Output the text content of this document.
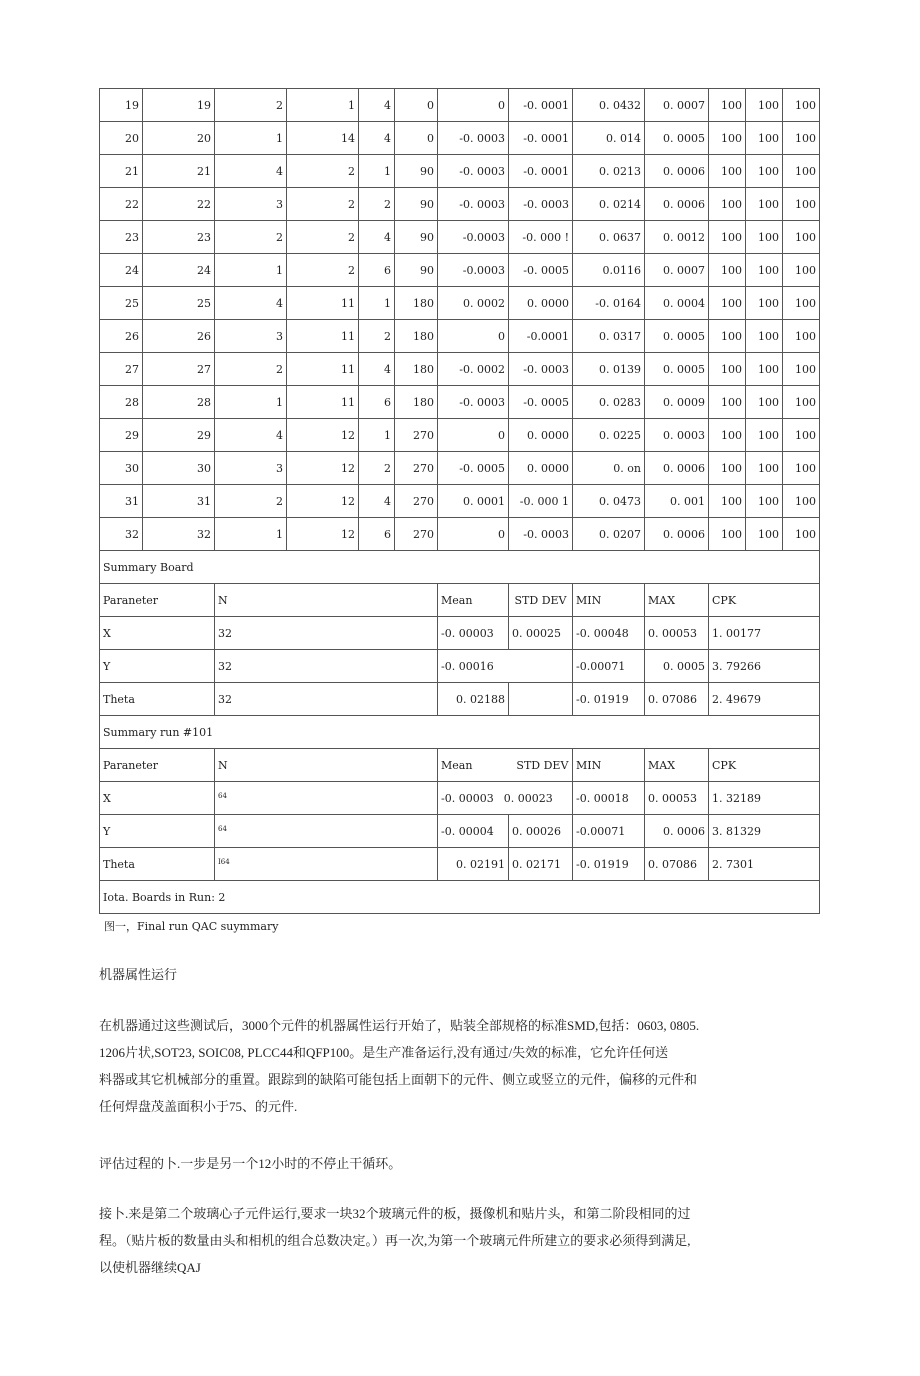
19	19	2	1	4	0	0	-0. 0001	0. 0432	0. 0007	100	100	100
20	20	1	14	4	0	-0. 0003	-0. 0001	0. 014	0. 0005	100	100	100
21	21	4	2	1	90	-0. 0003	-0. 0001	0. 0213	0. 0006	100	100	100
22	22	3	2	2	90	-0. 0003	-0. 0003	0. 0214	0. 0006	100	100	100
23	23	2	2	4	90	-0.0003	-0. 000 !	0. 0637	0. 0012	100	100	100
24	24	1	2	6	90	-0.0003	-0. 0005	0.0116	0. 0007	100	100	100
25	25	4	11	1	180	0. 0002	0. 0000	-0. 0164	0. 0004	100	100	100
26	26	3	11	2	180	0	-0.0001	0. 0317	0. 0005	100	100	100
27	27	2	11	4	180	-0. 0002	-0. 0003	0. 0139	0. 0005	100	100	100
28	28	1	11	6	180	-0. 0003	-0. 0005	0. 0283	0. 0009	100	100	100
29	29	4	12	1	270	0	0. 0000	0. 0225	0. 0003	100	100	100
30	30	3	12	2	270	-0. 0005	0. 0000	0. on	0. 0006	100	100	100
31	31	2	12	4	270	0. 0001	-0. 000 1	0. 0473	0. 001	100	100	100
32	32	1	12	6	270	0	-0. 0003	0. 0207	0. 0006	100	100	100
Summary Board												
Paraneter		N				Mean	STD DEV	MIN	MAX	CPK		
X		32				-0. 00003	0. 00025	-0. 00048	0. 00053	1. 00177		
Y		32				-0. 00016		-0.00071	0. 0005	3. 79266		
Theta		32				0. 02188		-0. 01919	0. 07086	2. 49679		
Summary run #101												
Paraneter		N				Mean STD DEV		MIN	MAX	CPK		
X		$^{64}$				-0. 00003 0. 00023		-0. 00018	0. 00053	1. 32189		
Y		$^{64}$				-0. 00004	0. 00026	-0.00071	0. 0006	3. 81329		
Theta		$^{I64}$				0. 02191	0. 02171	-0. 01919	0. 07086	2. 7301		
Iota. Boards in Run: 2												
图一，Final run QAC suymmary
机器属性运行
在机器通过这些测试后，3000个元件的机器属性运行开始了，贴装全部规格的标准SMD,包括：0603, 0805.
1206片状,SOT23, SOIC08, PLCC44和QFP100。是生产准备运行,没有通过/失效的标准，它允许任何送
料器或其它机械部分的重置。跟踪到的缺陷可能包括上面朝下的元件、侧立或竖立的元件，偏移的元件和
任何焊盘茂盖面积小于75、的元件.
评估过程的卜.一步是另一个12小时的不停止干循环。
接卜.来是第二个玻璃心子元件运行,要求一块32个玻璃元件的板，摄像机和贴片头，和第二阶段相同的过
程。（贴片板的数量由头和相机的组合总数决定。）再一次,为第一个玻璃元件所建立的要求必须得到满足,
以使机器继续QAJ
